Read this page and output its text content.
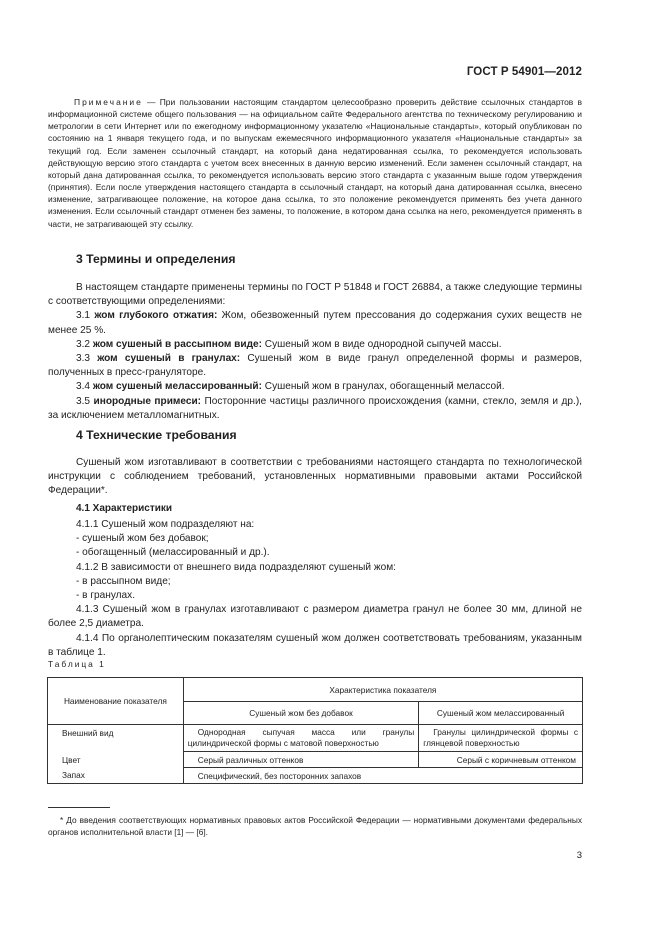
ГОСТ Р 54901—2012

Примечание — При пользовании настоящим стандартом целесообразно проверить действие ссылочных стандартов в информационной системе общего пользования — на официальном сайте Федерального агентства по техническому регулированию и метрологии в сети Интернет или по ежегодному информационному указателю «Национальные стандарты», который опубликован по состоянию на 1 января текущего года, и по выпускам ежемесячного информационного указателя «Национальные стандарты» за текущий год. Если заменен ссылочный стандарт, на который дана недатированная ссылка, то рекомендуется использовать действующую версию этого стандарта с учетом всех внесенных в данную версию изменений. Если заменен ссылочный стандарт, на который дана датированная ссылка, то рекомендуется использовать версию этого стандарта с указанным выше годом утверждения (принятия). Если после утверждения настоящего стандарта в ссылочный стандарт, на который дана датированная ссылка, внесено изменение, затрагивающее положение, на которое дана ссылка, то это положение рекомендуется применять без учета данного изменения. Если ссылочный стандарт отменен без замены, то положение, в котором дана ссылка на него, рекомендуется применять в части, не затрагивающей эту ссылку.

3 Термины и определения

В настоящем стандарте применены термины по ГОСТ Р 51848 и ГОСТ 26884, а также следующие термины с соответствующими определениями:

3.1 жом глубокого отжатия: Жом, обезвоженный путем прессования до содержания сухих веществ не менее 25 %.

3.2 жом сушеный в рассыпном виде: Сушеный жом в виде однородной сыпучей массы.

3.3 жом сушеный в гранулах: Сушеный жом в виде гранул определенной формы и размеров, полученных в пресс-грануляторе.

3.4 жом сушеный мелассированный: Сушеный жом в гранулах, обогащенный мелассой.

3.5 инородные примеси: Посторонние частицы различного происхождения (камни, стекло, земля и др.), за исключением металломагнитных.

4 Технические требования

Сушеный жом изготавливают в соответствии с требованиями настоящего стандарта по технологической инструкции с соблюдением требований, установленных нормативными правовыми актами Российской Федерации*.

4.1 Характеристики

4.1.1 Сушеный жом подразделяют на:

- сушеный жом без добавок;

- обогащенный (мелассированный и др.).

4.1.2 В зависимости от внешнего вида подразделяют сушеный жом:

- в рассыпном виде;

- в гранулах.

4.1.3 Сушеный жом в гранулах изготавливают с размером диаметра гранул не более 30 мм, длиной не более 2,5 диаметра.

4.1.4 По органолептическим показателям сушеный жом должен соответствовать требованиям, указанным в таблице 1.

Таблица 1
Наименование показателя	Характеристика показателя	
	Сушеный жом без добавок	Сушеный жом мелассированный
Внешний вид	Однородная сыпучая масса или гранулы цилиндрической формы с матовой поверхностью	Гранулы цилиндрической формы с глянцевой поверхностью
Цвет	Серый различных оттенков	Серый с коричневым оттенком
Запах	Специфический, без посторонних запахов	

* До введения соответствующих нормативных правовых актов Российской Федерации — нормативными документами федеральных органов исполнительной власти [1] — [6].

3
